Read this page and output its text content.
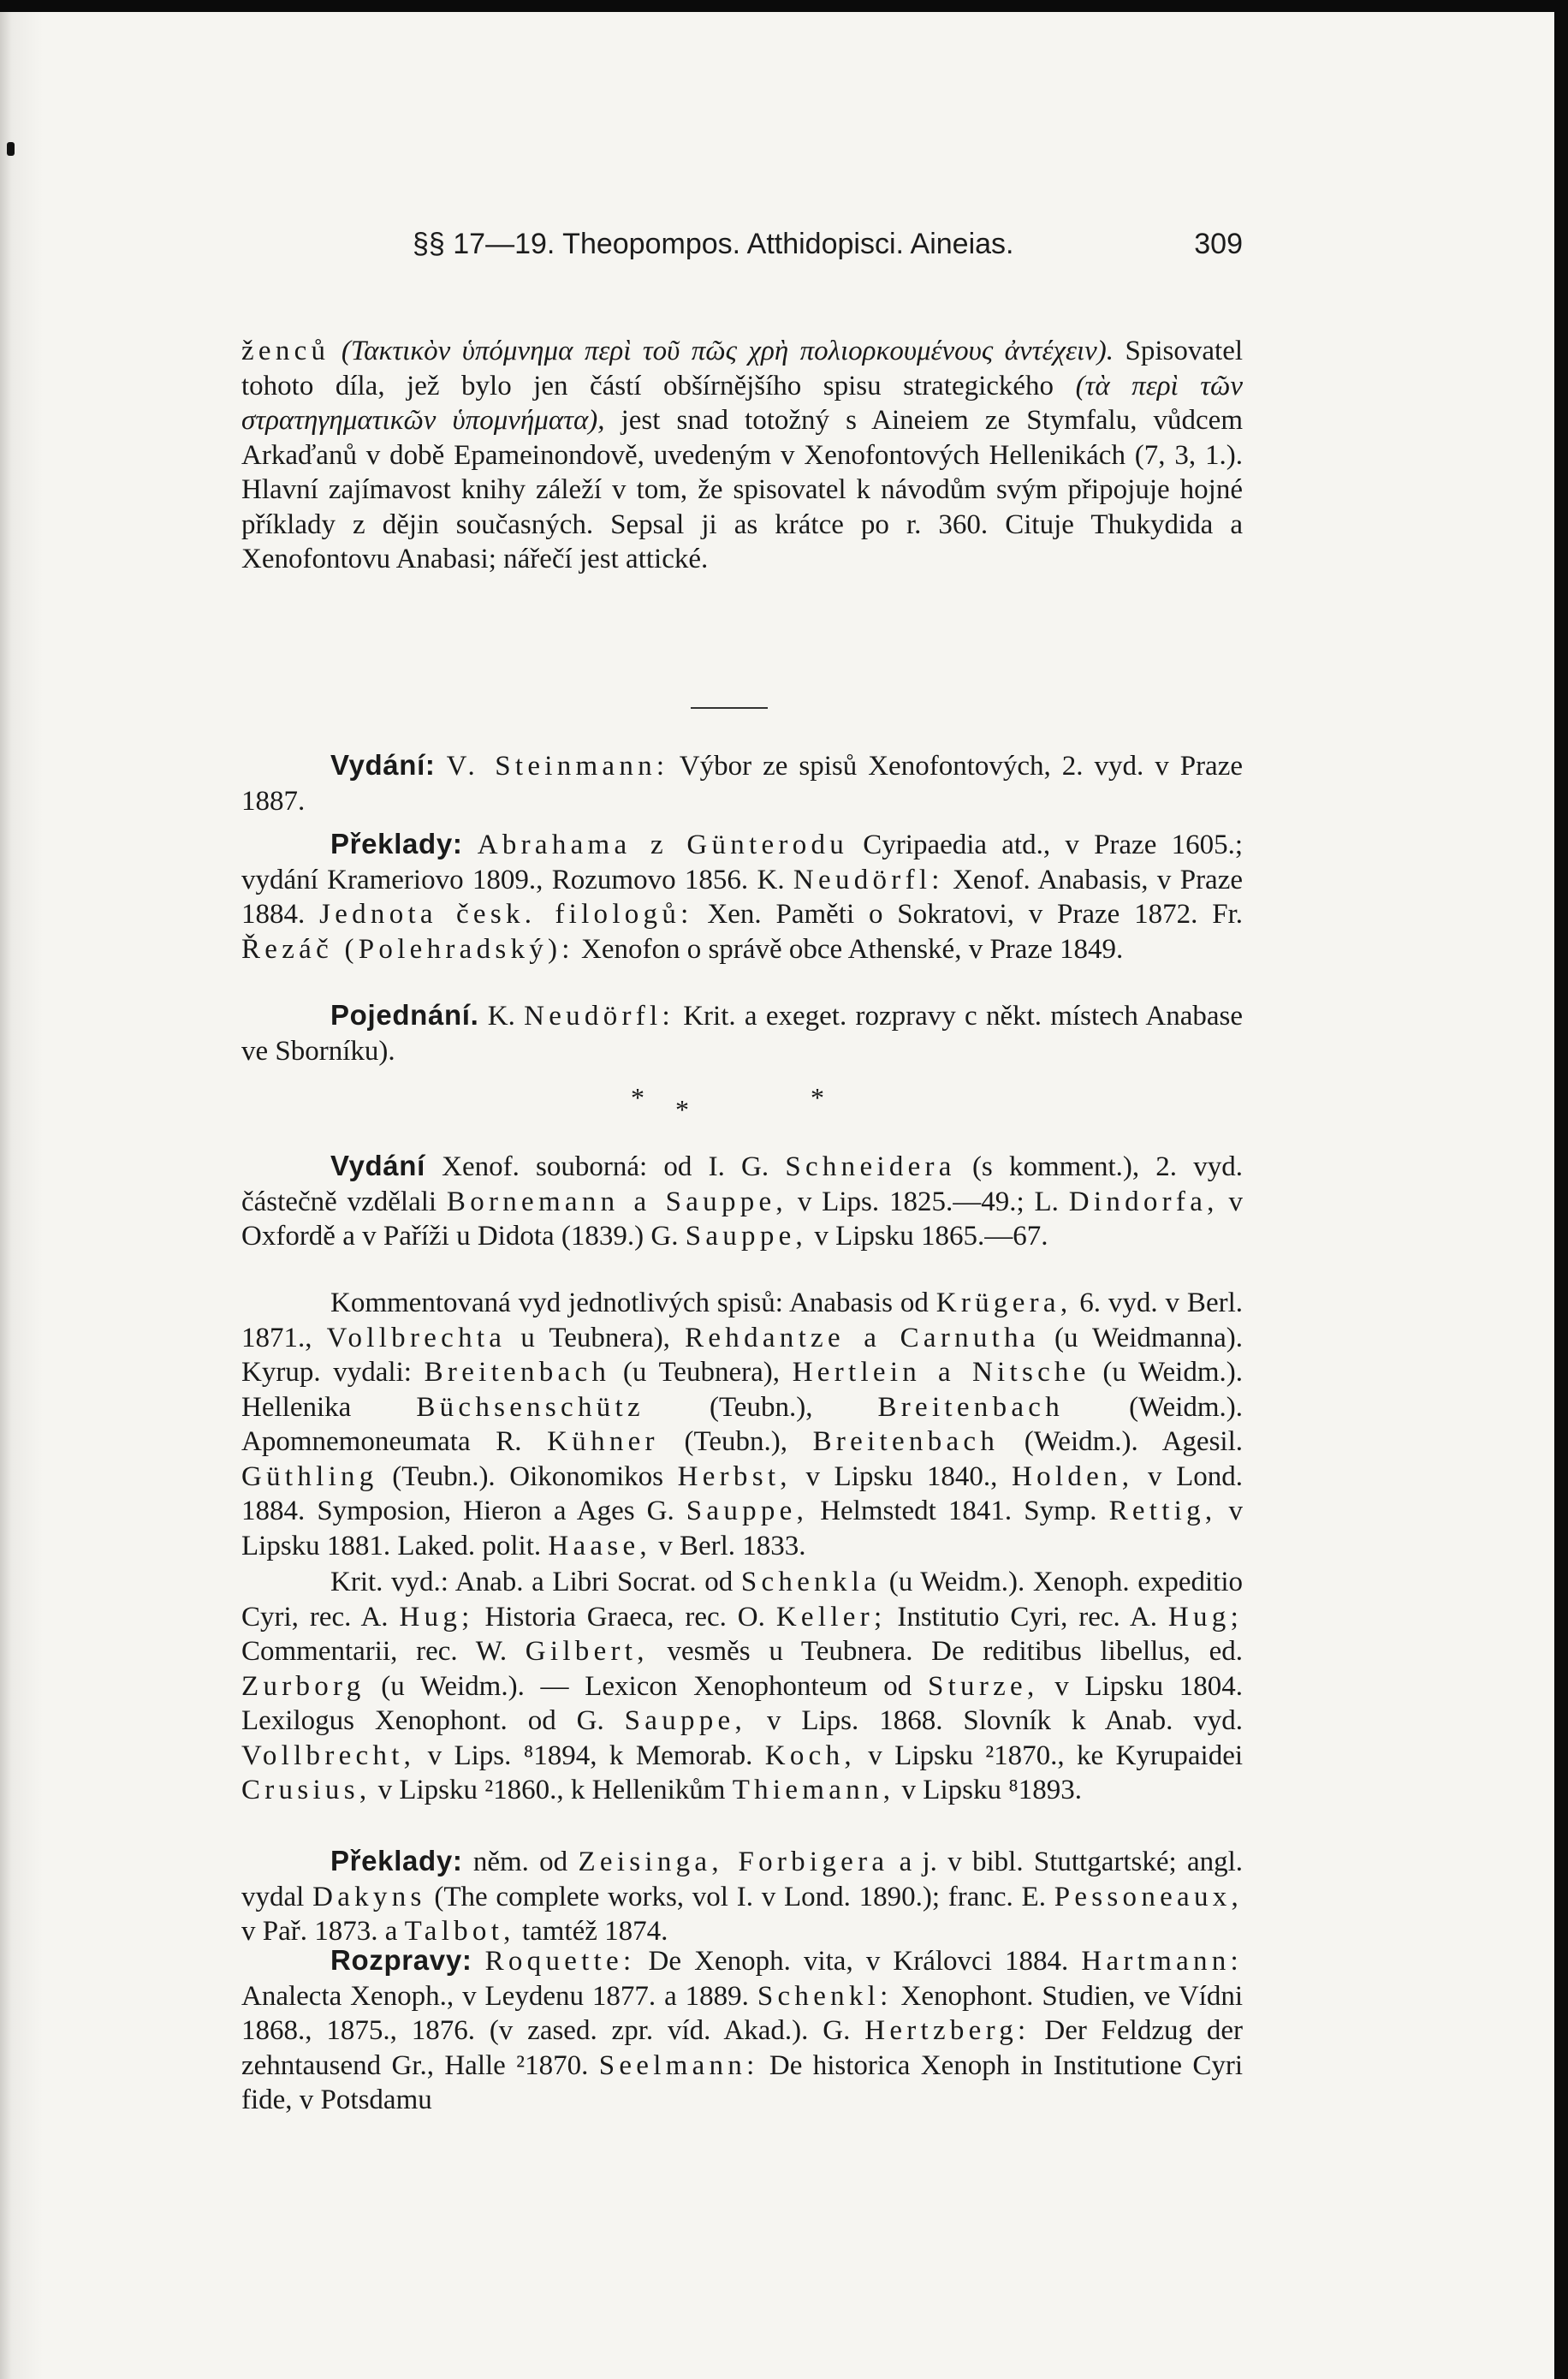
§§ 17—19. Theopompos. Atthidopisci. Aineias.	309

ženců (Τακτικὸν ὑπόμνημα περὶ τοῦ πῶς χρὴ πολιορκουμένους ἀντέχειν). Spisovatel tohoto díla, jež bylo jen částí obšírnějšího spisu strategického (τὰ περὶ τῶν στρατηγηματικῶν ὑπομνήματα), jest snad totožný s Aineiem ze Stymfalu, vůdcem Arkaďanů v době Epameinondově, uvedeným v Xenofontových Hellenikách (7, 3, 1.). Hlavní zajímavost knihy záleží v tom, že spisovatel k návodům svým připojuje hojné příklady z dějin současných. Sepsal ji as krátce po r. 360. Cituje Thukydida a Xenofontovu Anabasi; nářečí jest attické.

Vydání: V. Steinmann: Výbor ze spisů Xenofontových, 2. vyd. v Praze 1887.

Překlady: Abrahama z Günterodu Cyripaedia atd., v Praze 1605.; vydání Krameriovo 1809., Rozumovo 1856. K. Neudörfl: Xenof. Anabasis, v Praze 1884. Jednota česk. filologů: Xen. Paměti o Sokratovi, v Praze 1872. Fr. Řezáč (Polehradský): Xenofon o správě obce Athenské, v Praze 1849.

Pojednání. K. Neudörfl: Krit. a exeget. rozpravy c někt. místech Anabase ve Sborníku).

* *	*

Vydání Xenof. souborná: od I. G. Schneidera (s komment.), 2. vyd. částečně vzdělali Bornemann a Sauppe, v Lips. 1825.—49.; L. Dindorfa, v Oxfordě a v Paříži u Didota (1839.) G. Sauppe, v Lipsku 1865.—67.

Kommentovaná vyd jednotlivých spisů: Anabasis od Krügera, 6. vyd. v Berl. 1871., Vollbrechta u Teubnera), Rehdantze a Carnutha (u Weidmanna). Kyrup. vydali: Breitenbach (u Teubnera), Hertlein a Nitsche (u Weidm.). Hellenika Büchsenschütz (Teubn.), Breitenbach (Weidm.). Apomnemoneumata R. Kühner (Teubn.), Breitenbach (Weidm.). Agesil. Güthling (Teubn.). Oikonomikos Herbst, v Lipsku 1840., Holden, v Lond. 1884. Symposion, Hieron a Ages G. Sauppe, Helmstedt 1841. Symp. Rettig, v Lipsku 1881. Laked. polit. Haase, v Berl. 1833.

Krit. vyd.: Anab. a Libri Socrat. od Schenkla (u Weidm.). Xenoph. expeditio Cyri, rec. A. Hug; Historia Graeca, rec. O. Keller; Institutio Cyri, rec. A. Hug; Commentarii, rec. W. Gilbert, vesměs u Teubnera. De reditibus libellus, ed. Zurborg (u Weidm.). — Lexicon Xenophonteum od Sturze, v Lipsku 1804. Lexilogus Xenophont. od G. Sauppe, v Lips. 1868. Slovník k Anab. vyd. Vollbrecht, v Lips. ⁸1894, k Memorab. Koch, v Lipsku ²1870., ke Kyrupaidei Crusius, v Lipsku ²1860., k Hellenikům Thiemann, v Lipsku ⁸1893.

Překlady: něm. od Zeisinga, Forbigera a j. v bibl. Stuttgartské; angl. vydal Dakyns (The complete works, vol I. v Lond. 1890.); franc. E. Pessoneaux, v Pař. 1873. a Talbot, tamtéž 1874.

Rozpravy: Roquette: De Xenoph. vita, v Královci 1884. Hartmann: Analecta Xenoph., v Leydenu 1877. a 1889. Schenkl: Xenophont. Studien, ve Vídni 1868., 1875., 1876. (v zased. zpr. víd. Akad.). G. Hertzberg: Der Feldzug der zehntausend Gr., Halle ²1870. Seelmann: De historica Xenoph in Institutione Cyri fide, v Potsdamu
